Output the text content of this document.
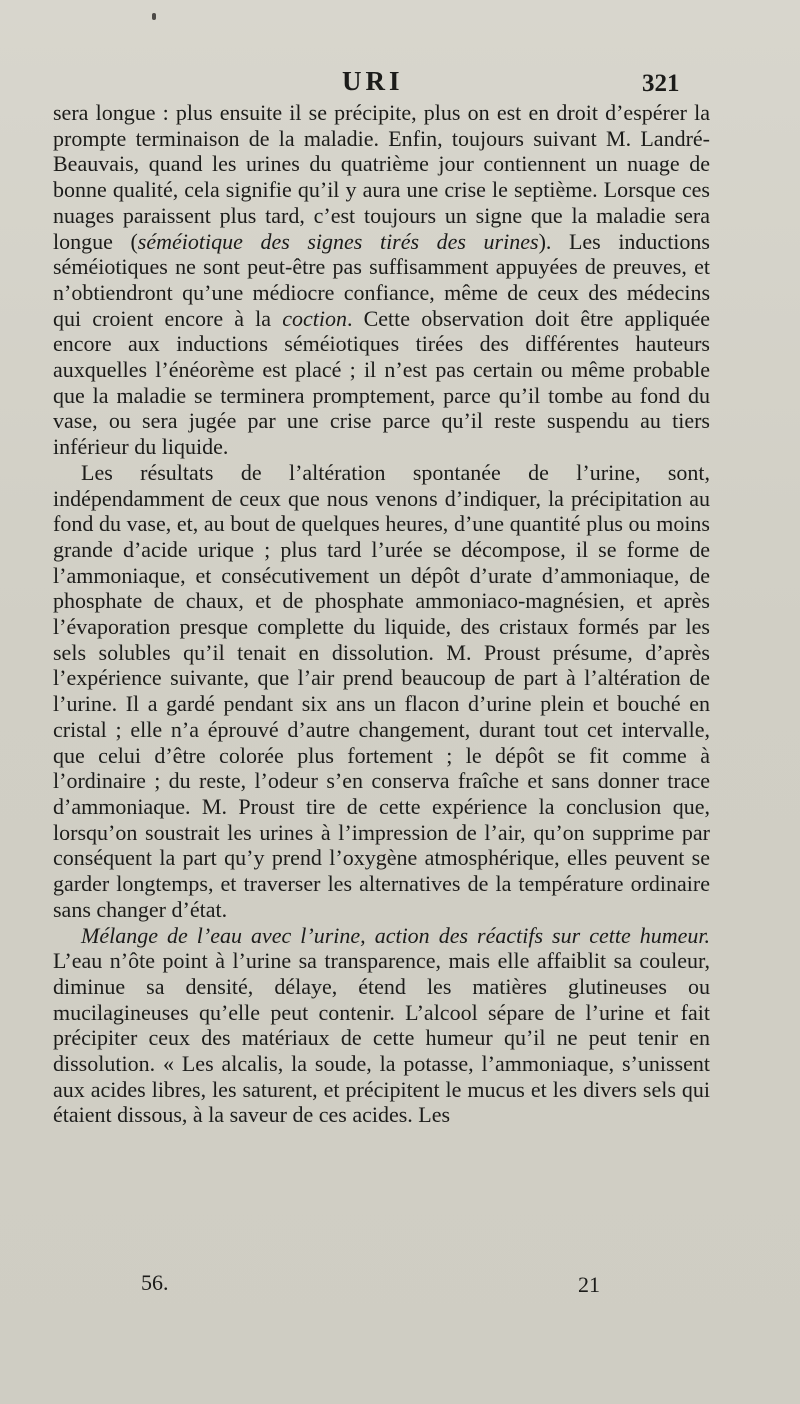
URI	321

sera longue : plus ensuite il se précipite, plus on est en droit d’espérer la prompte terminaison de la maladie. Enfin, toujours suivant M. Landré-Beauvais, quand les urines du quatrième jour contiennent un nuage de bonne qualité, cela signifie qu’il y aura une crise le septième. Lorsque ces nuages paraissent plus tard, c’est toujours un signe que la maladie sera longue (séméiotique des signes tirés des urines). Les inductions séméiotiques ne sont peut-être pas suffisamment appuyées de preuves, et n’obtiendront qu’une médiocre confiance, même de ceux des médecins qui croient encore à la coction. Cette observation doit être appliquée encore aux inductions séméiotiques tirées des différentes hauteurs auxquelles l’énéorème est placé ; il n’est pas certain ou même probable que la maladie se terminera promptement, parce qu’il tombe au fond du vase, ou sera jugée par une crise parce qu’il reste suspendu au tiers inférieur du liquide.

Les résultats de l’altération spontanée de l’urine, sont, indépendamment de ceux que nous venons d’indiquer, la précipitation au fond du vase, et, au bout de quelques heures, d’une quantité plus ou moins grande d’acide urique ; plus tard l’urée se décompose, il se forme de l’ammoniaque, et consécutivement un dépôt d’urate d’ammoniaque, de phosphate de chaux, et de phosphate ammoniaco-magnésien, et après l’évaporation presque complette du liquide, des cristaux formés par les sels solubles qu’il tenait en dissolution. M. Proust présume, d’après l’expérience suivante, que l’air prend beaucoup de part à l’altération de l’urine. Il a gardé pendant six ans un flacon d’urine plein et bouché en cristal ; elle n’a éprouvé d’autre changement, durant tout cet intervalle, que celui d’être colorée plus fortement ; le dépôt se fit comme à l’ordinaire ; du reste, l’odeur s’en conserva fraîche et sans donner trace d’ammoniaque. M. Proust tire de cette expérience la conclusion que, lorsqu’on soustrait les urines à l’impression de l’air, qu’on supprime par conséquent la part qu’y prend l’oxygène atmosphérique, elles peuvent se garder longtemps, et traverser les alternatives de la température ordinaire sans changer d’état.

Mélange de l’eau avec l’urine, action des réactifs sur cette humeur. L’eau n’ôte point à l’urine sa transparence, mais elle affaiblit sa couleur, diminue sa densité, délaye, étend les matières glutineuses ou mucilagineuses qu’elle peut contenir. L’alcool sépare de l’urine et fait précipiter ceux des matériaux de cette humeur qu’il ne peut tenir en dissolution. « Les alcalis, la soude, la potasse, l’ammoniaque, s’unissent aux acides libres, les saturent, et précipitent le mucus et les divers sels qui étaient dissous, à la saveur de ces acides. Les

56.	21
